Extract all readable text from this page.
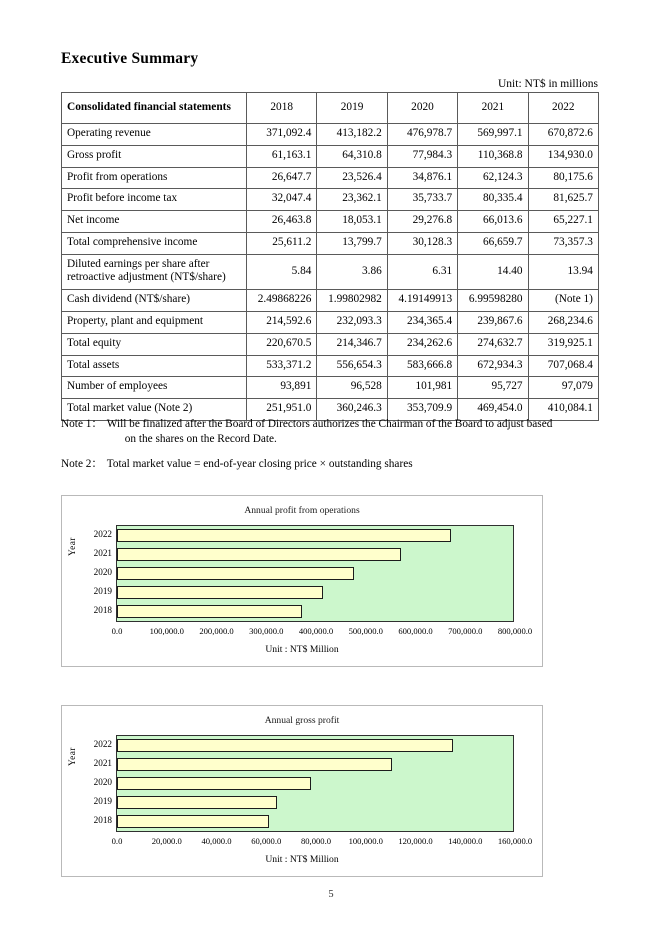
Executive Summary
Unit: NT$ in millions
Consolidated financial statements	2018	2019	2020	2021	2022
Operating revenue	371,092.4	413,182.2	476,978.7	569,997.1	670,872.6
Gross profit	61,163.1	64,310.8	77,984.3	110,368.8	134,930.0
Profit from operations	26,647.7	23,526.4	34,876.1	62,124.3	80,175.6
Profit before income tax	32,047.4	23,362.1	35,733.7	80,335.4	81,625.7
Net income	26,463.8	18,053.1	29,276.8	66,013.6	65,227.1
Total comprehensive income	25,611.2	13,799.7	30,128.3	66,659.7	73,357.3

Diluted earnings per share after
retroactive adjustment (NT$/share)	5.84	3.86	6.31	14.40	13.94
Cash dividend (NT$/share)	2.49868226	1.99802982	4.19149913	6.99598280	(Note 1)
Property, plant and equipment	214,592.6	232,093.3	234,365.4	239,867.6	268,234.6
Total equity	220,670.5	214,346.7	234,262.6	274,632.7	319,925.1
Total assets	533,371.2	556,654.3	583,666.8	672,934.3	707,068.4
Number of employees	93,891	96,528	101,981	95,727	97,079
Total market value (Note 2)	251,951.0	360,246.3	353,709.9	469,454.0	410,084.1
Note 1： Will be finalized after the Board of Directors authorizes the Chairman of the Board to adjust based
on the shares on the Record Date.
Note 2： Total market value = end-of-year closing price × outstanding shares
Annual profit from operations
Year
2022
2021
2020
2019
2018
0.0	100,000.0 200,000.0 300,000.0 400,000.0 500,000.0 600,000.0 700,000.0 800,000.0
Unit : NT$ Million
Annual gross profit
Year
2022
2021
2020
2019
2018
0.0	20,000.0 40,000.0 60,000.0 80,000.0 100,000.0 120,000.0 140,000.0 160,000.0
Unit : NT$ Million
5
